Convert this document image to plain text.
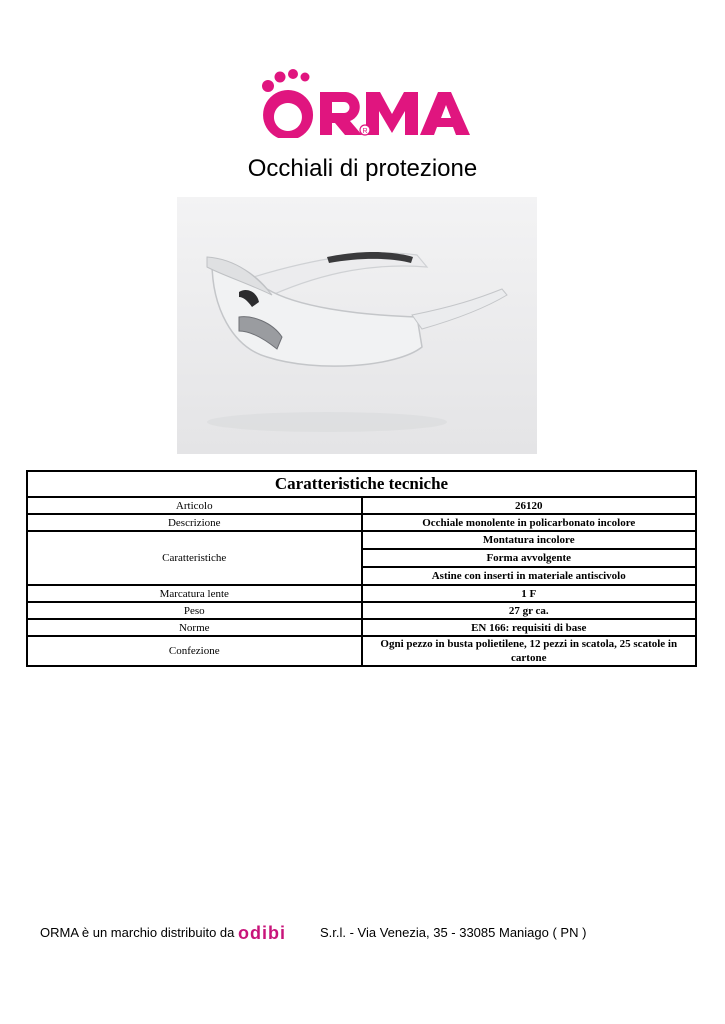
R
Occhiali di protezione
Caratteristiche tecniche	
Articolo	26120
Descrizione	Occhiale monolente in policarbonato incolore
Caratteristiche	Montatura incolore
	Forma avvolgente
	Astine con inserti in materiale antiscivolo
Marcatura lente	1 F
Peso	27 gr ca.
Norme	EN 166: requisiti di base
Confezione	Ogni pezzo in busta polietilene, 12 pezzi in scatola, 25 scatole in cartone
ORMA è un marchio distribuito da odibi	S.r.l. - Via Venezia, 35 - 33085 Maniago ( PN )
